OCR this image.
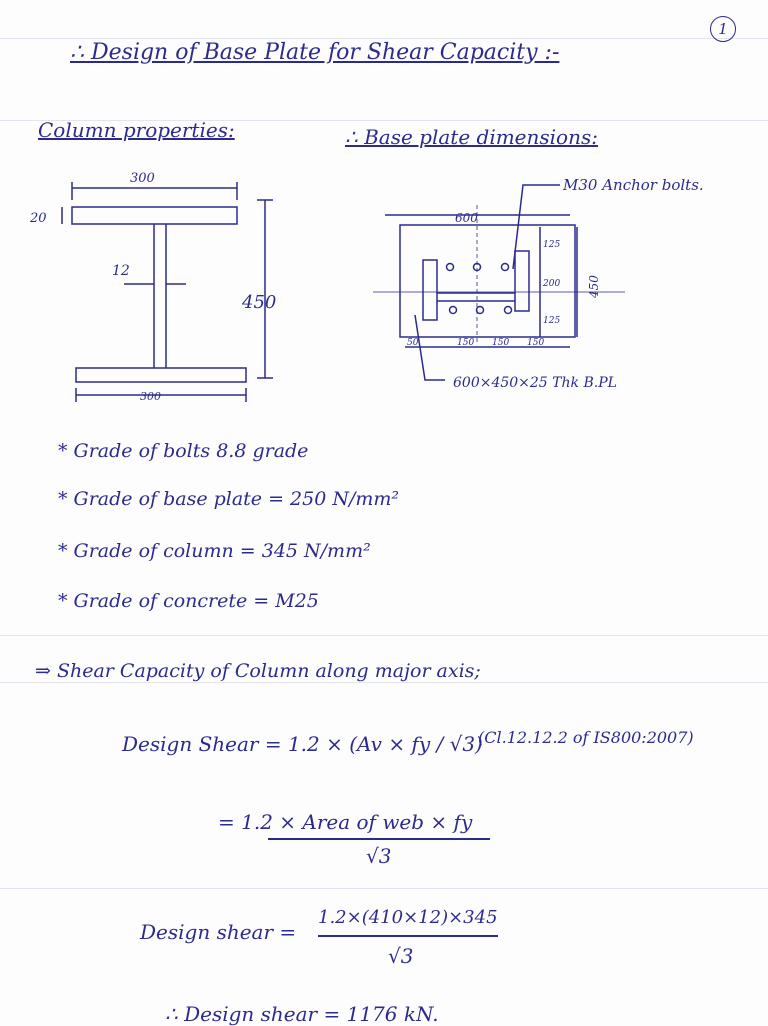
1
∴ Design of Base Plate for Shear Capacity :-
Column properties:	∴ Base plate dimensions:
300
300
20
12
450
M30 Anchor bolts.
600
450
125
200
125
50	150 150 150
600×450×25 Thk B.PL
* Grade of bolts 8.8 grade
* Grade of base plate = 250 N/mm²
* Grade of column = 345 N/mm²
* Grade of concrete = M25
⇒ Shear Capacity of Column along major axis;
Design Shear = 1.2 × (Av × fy / √3)
(Cl.12.12.2 of IS800:2007)
= 1.2 × Area of web × fy
√3
Design shear =
1.2×(410×12)×345
√3
∴ Design shear = 1176 kN.
